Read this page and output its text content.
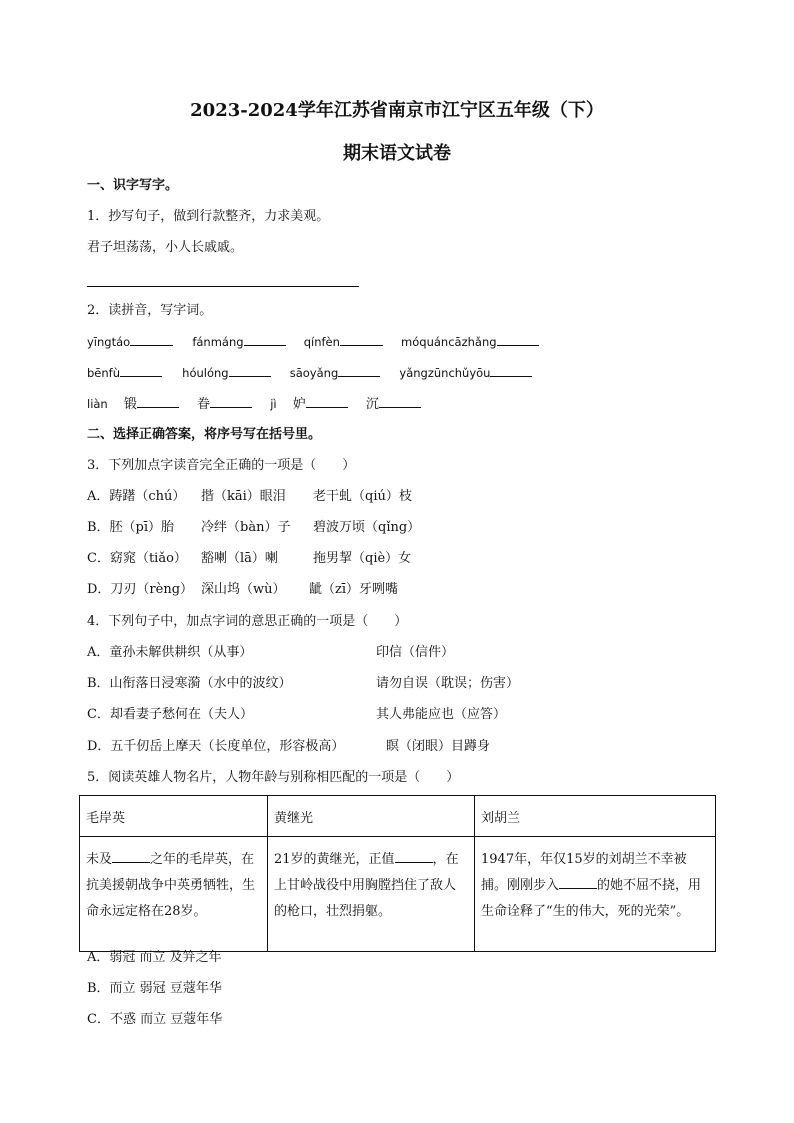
2023-2024学年江苏省南京市江宁区五年级（下）
期末语文试卷
一、识字写字。
1．抄写句子，做到行款整齐，力求美观。
君子坦荡荡，小人长戚戚。
2．读拼音，写字词。
yīngtáo	fánmáng	qínfèn	móquáncāzhǎng
bēnfù	hóulóng	sāoyǎng	yǎngzūnchǔyōu
liàn 锻	眷	jì 妒	沉
二、选择正确答案，将序号写在括号里。
3．下列加点字读音完全正确的一项是（　　）
A．踌躇（chú） 揩（kāi）眼泪 老干虬（qiú）枝
B．胚（pī）胎 冷绊（bàn）子 碧波万顷（qǐng）
C．窈窕（tiǎo） 豁喇（lā）喇	拖男挈（qiè）女
D．刀刃（rèng） 深山坞（wù） 龇（zī）牙咧嘴
4．下列句子中，加点字词的意思正确的一项是（　　）
A．童孙未解供耕织（从事）	印信（信件）
B．山衔落日浸寒漪（水中的波纹）	请勿自误（耽误；伤害）
C．却看妻子愁何在（夫人）	其人弗能应也（应答）
D．五千仞岳上摩天（长度单位，形容极高）	瞑（闭眼）目蹲身
5．阅读英雄人物名片，人物年龄与别称相匹配的一项是（　　）
毛岸英	黄继光	刘胡兰
未及 之年的毛岸英，在抗美援朝战争中英勇牺牲，生命永远定格在28岁。	21岁的黄继光，正值 ，在上甘岭战役中用胸膛挡住了敌人的枪口，壮烈捐躯。	1947年，年仅15岁的刘胡兰不幸被捕。刚刚步入 的她不屈不挠，用生命诠释了“生的伟大，死的光荣”。
A．弱冠 而立 及笄之年
B．而立 弱冠 豆蔻年华
C．不惑 而立 豆蔻年华
